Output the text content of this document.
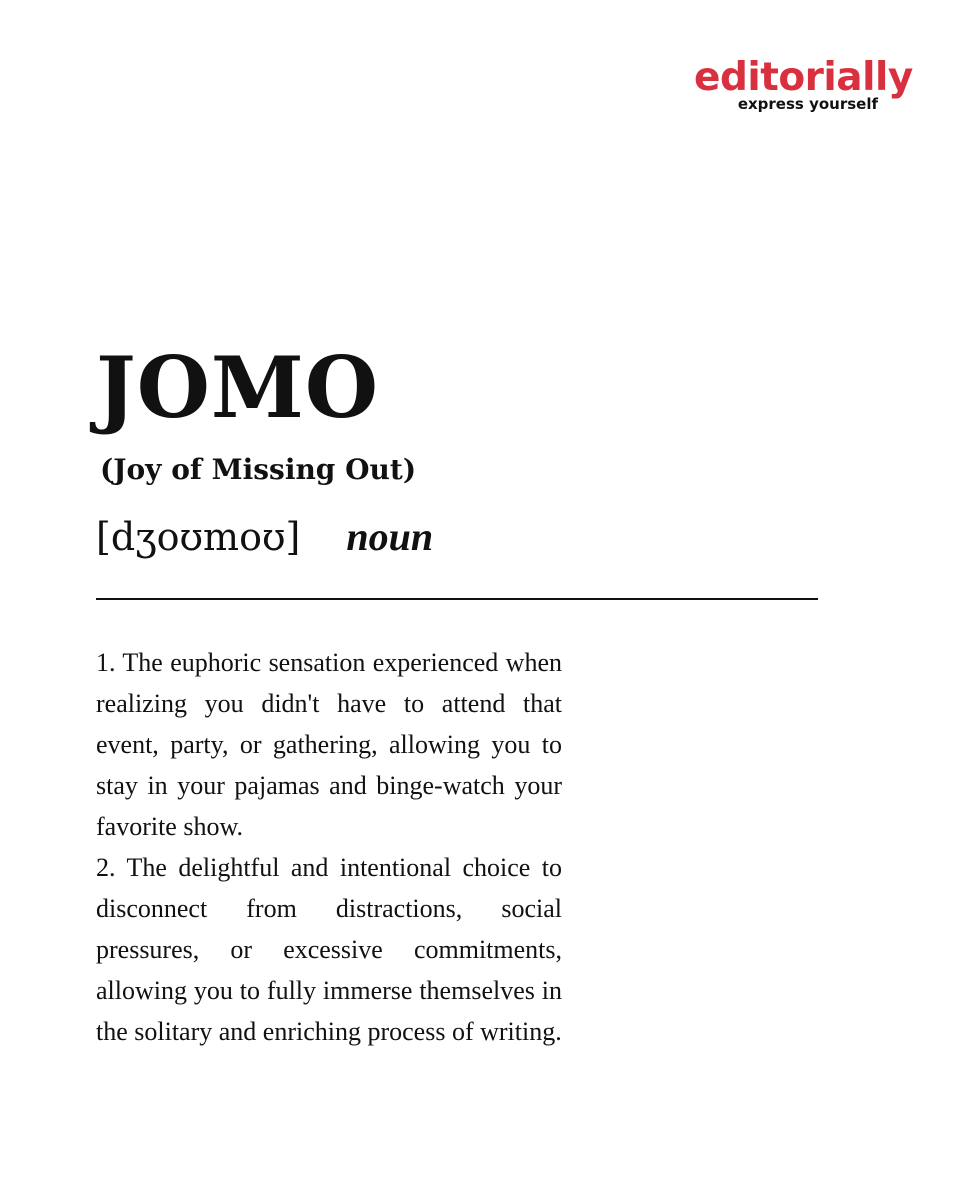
editorially
express yourself
JOMO
(Joy of Missing Out)
[dʒoʊmoʊ] noun

1. The euphoric sensation experienced when realizing you didn't have to attend that event, party, or gathering, allowing you to stay in your pajamas and binge-watch your favorite show.

2. The delightful and intentional choice to disconnect from distractions, social pressures, or excessive commitments, allowing you to fully immerse themselves in the solitary and enriching process of writing.
